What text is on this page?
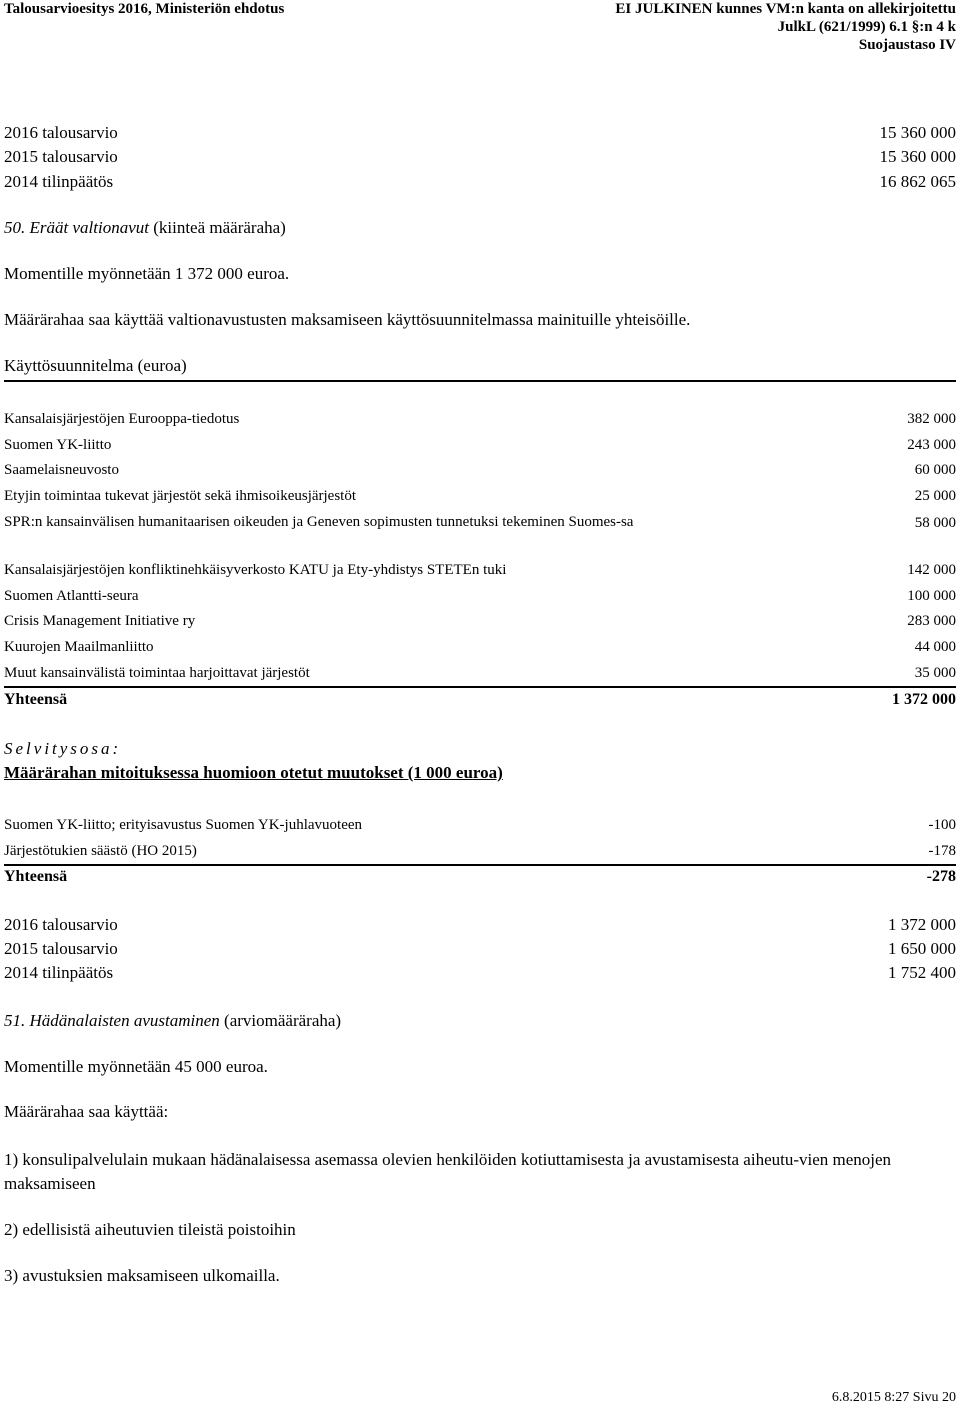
Talousarvioesitys 2016, Ministeriön ehdotus	EI JULKINEN kunnes VM:n kanta on allekirjoitettu
JulkL (621/1999) 6.1 §:n 4 k
Suojaustaso IV
2016 talousarvio	15 360 000
2015 talousarvio	15 360 000
2014 tilinpäätös	16 862 065
50. Eräät valtionavut (kiinteä määräraha)
Momentille myönnetään 1 372 000 euroa.
Määrärahaa saa käyttää valtionavustusten maksamiseen käyttösuunnitelmassa mainituille yhteisöille.
Käyttösuunnitelma (euroa)
Kansalaisjärjestöjen Eurooppa-tiedotus	382 000
Suomen YK-liitto	243 000
Saamelaisneuvosto	60 000
Etyjin toimintaa tukevat järjestöt sekä ihmisoikeusjärjestöt	25 000
SPR:n kansainvälisen humanitaarisen oikeuden ja Geneven sopimusten tunnetuksi tekeminen Suomes-sa	58 000
Kansalaisjärjestöjen konfliktinehkäisyverkosto KATU ja Ety-yhdistys STETEn tuki	142 000
Suomen Atlantti-seura	100 000
Crisis Management Initiative ry	283 000
Kuurojen Maailmanliitto	44 000
Muut kansainvälistä toimintaa harjoittavat järjestöt	35 000
Yhteensä	1 372 000
Selvitysosa:
Määrärahan mitoituksessa huomioon otetut muutokset (1 000 euroa)
Suomen YK-liitto; erityisavustus Suomen YK-juhlavuoteen	-100
Järjestötukien säästö (HO 2015)	-178
Yhteensä	-278
2016 talousarvio	1 372 000
2015 talousarvio	1 650 000
2014 tilinpäätös	1 752 400
51. Hädänalaisten avustaminen (arviomääräraha)
Momentille myönnetään 45 000 euroa.
Määrärahaa saa käyttää:
1) konsulipalvelulain mukaan hädänalaisessa asemassa olevien henkilöiden kotiuttamisesta ja avustamisesta aiheutu-vien menojen maksamiseen
2) edellisistä aiheutuvien tileistä poistoihin
3) avustuksien maksamiseen ulkomailla.
6.8.2015 8:27 Sivu 20
